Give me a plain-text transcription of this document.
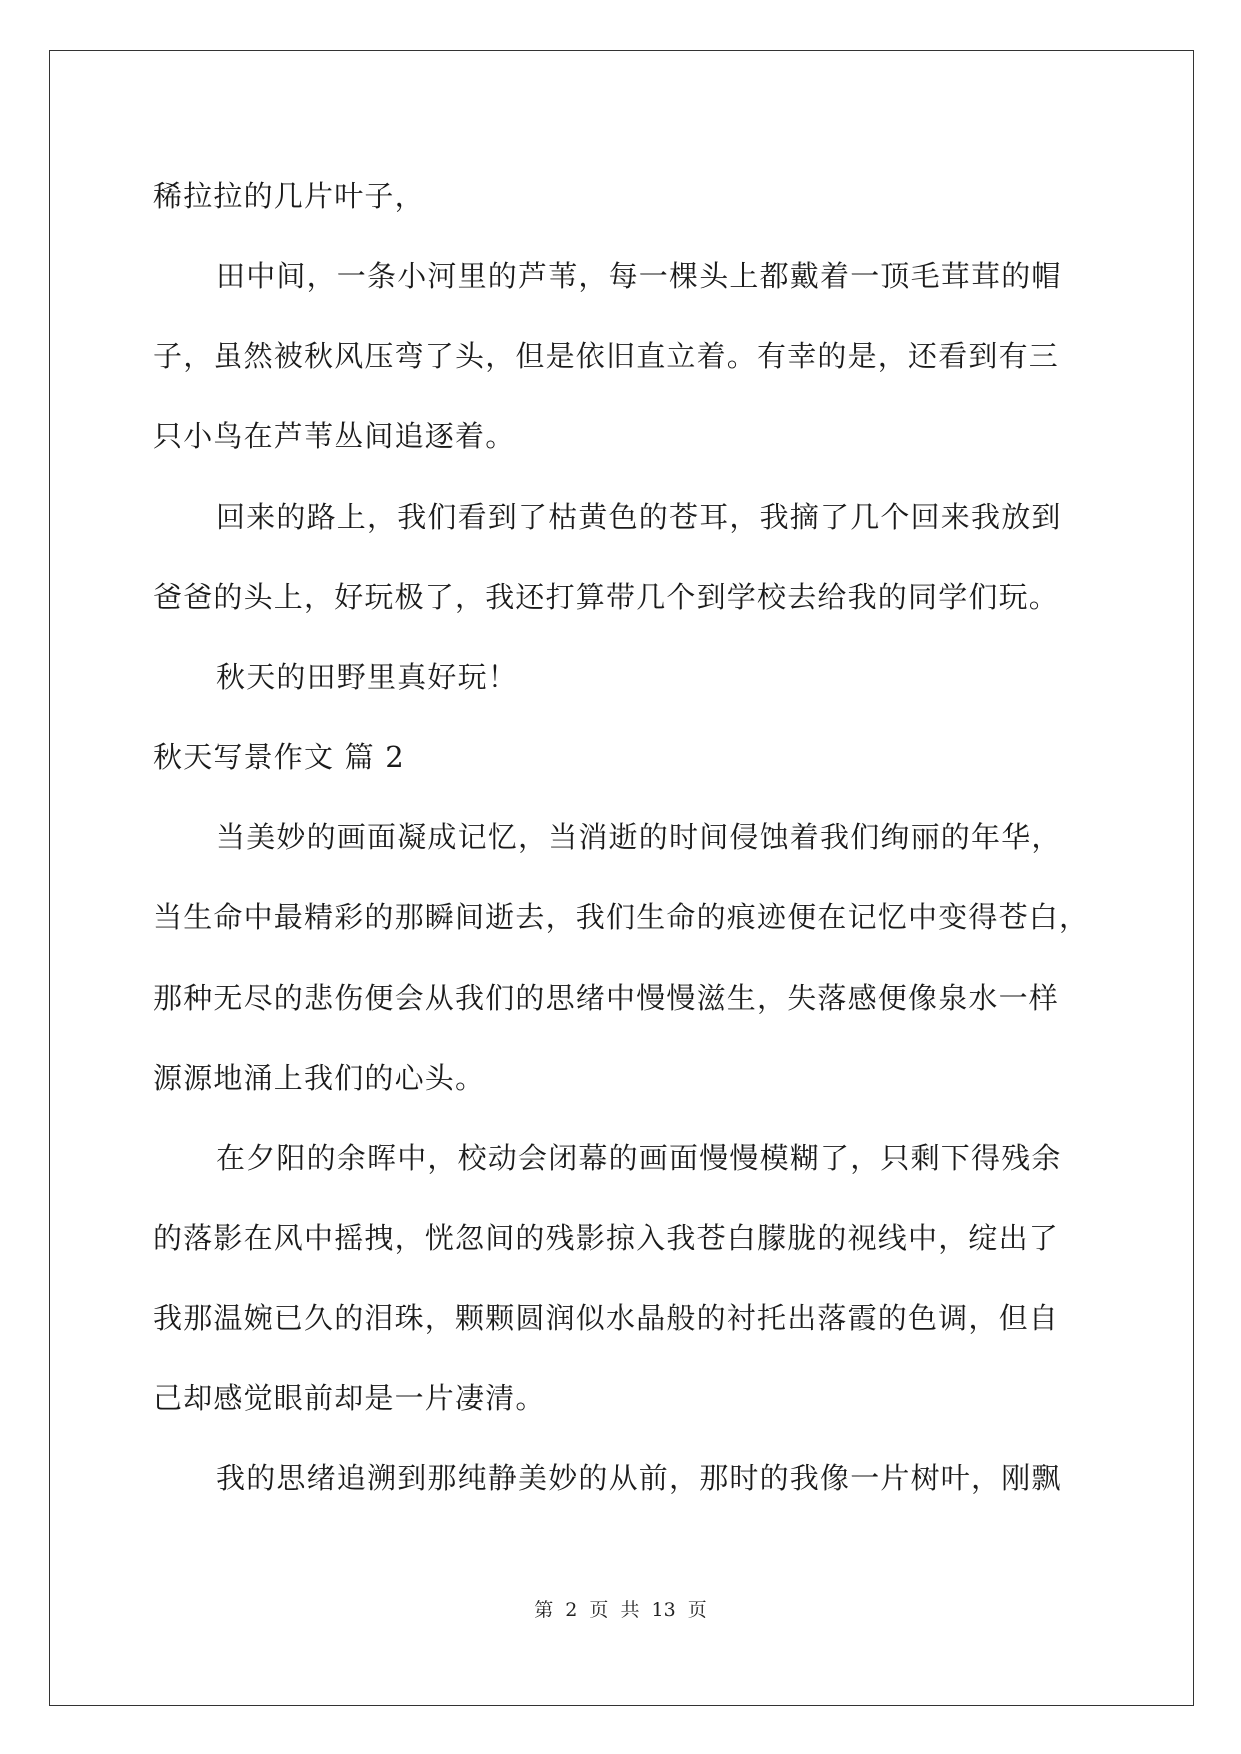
稀拉拉的几片叶子，
田中间，一条小河里的芦苇，每一棵头上都戴着一顶毛茸茸的帽
子，虽然被秋风压弯了头，但是依旧直立着。有幸的是，还看到有三
只小鸟在芦苇丛间追逐着。
回来的路上，我们看到了枯黄色的苍耳，我摘了几个回来我放到
爸爸的头上，好玩极了，我还打算带几个到学校去给我的同学们玩。
秋天的田野里真好玩！
秋天写景作文 篇 2
当美妙的画面凝成记忆，当消逝的时间侵蚀着我们绚丽的年华，
当生命中最精彩的那瞬间逝去，我们生命的痕迹便在记忆中变得苍白，
那种无尽的悲伤便会从我们的思绪中慢慢滋生，失落感便像泉水一样
源源地涌上我们的心头。
在夕阳的余晖中，校动会闭幕的画面慢慢模糊了，只剩下得残余
的落影在风中摇拽，恍忽间的残影掠入我苍白朦胧的视线中，绽出了
我那温婉已久的泪珠，颗颗圆润似水晶般的衬托出落霞的色调，但自
己却感觉眼前却是一片凄清。
我的思绪追溯到那纯静美妙的从前，那时的我像一片树叶，刚飘
第 2 页 共 13 页
